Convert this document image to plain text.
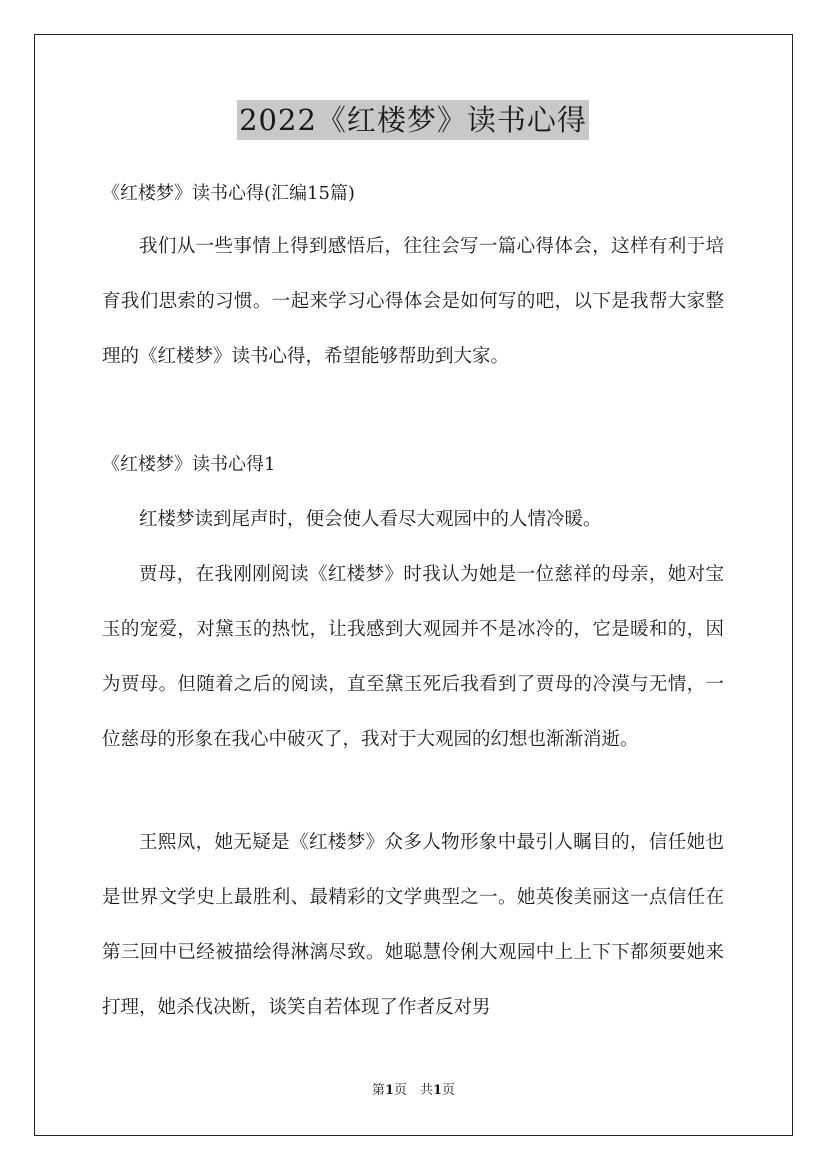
2022《红楼梦》读书心得
《红楼梦》读书心得(汇编15篇)

我们从一些事情上得到感悟后，往往会写一篇心得体会，这样有利于培育我们思索的习惯。一起来学习心得体会是如何写的吧，以下是我帮大家整理的《红楼梦》读书心得，希望能够帮助到大家。

《红楼梦》读书心得1

红楼梦读到尾声时，便会使人看尽大观园中的人情冷暖。

贾母，在我刚刚阅读《红楼梦》时我认为她是一位慈祥的母亲，她对宝玉的宠爱，对黛玉的热忱，让我感到大观园并不是冰冷的，它是暖和的，因为贾母。但随着之后的阅读，直至黛玉死后我看到了贾母的冷漠与无情，一位慈母的形象在我心中破灭了，我对于大观园的幻想也渐渐消逝。

王熙凤，她无疑是《红楼梦》众多人物形象中最引人瞩目的，信任她也是世界文学史上最胜利、最精彩的文学典型之一。她英俊美丽这一点信任在第三回中已经被描绘得淋漓尽致。她聪慧伶俐大观园中上上下下都须要她来打理，她杀伐决断，谈笑自若体现了作者反对男

第1页　共1页
